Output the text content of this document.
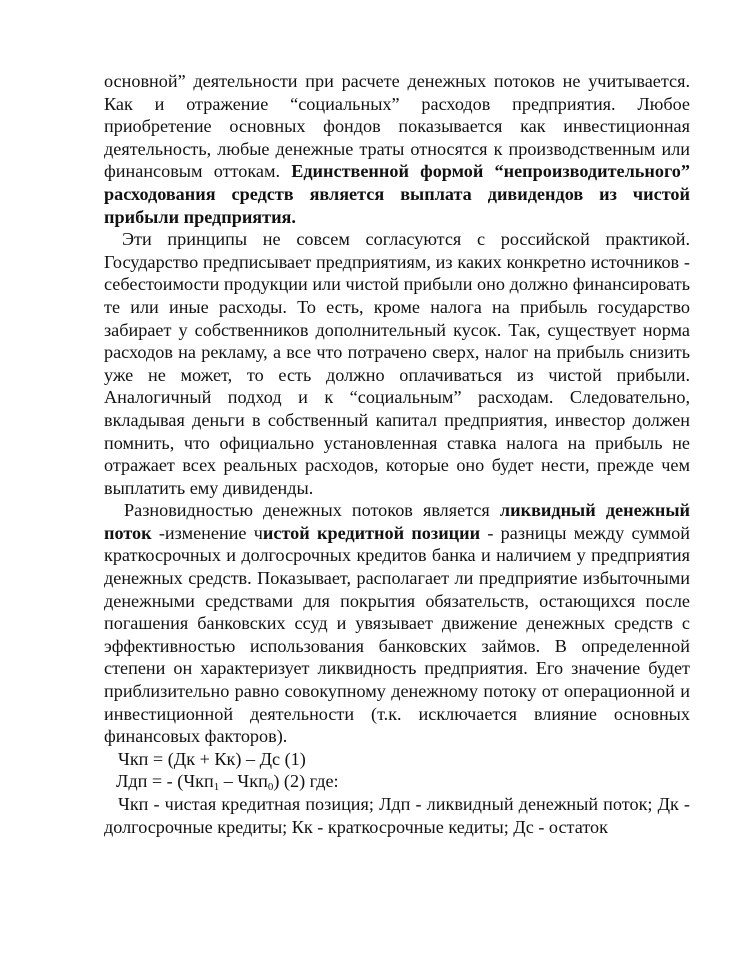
основной” деятельности при расчете денежных потоков не учитывается. Как и отражение “социальных” расходов предприятия. Любое приобретение основных фондов показывается как инвестиционная деятельность, любые денежные траты относятся к производственным или финансовым оттокам. Единственной формой “непроизводительного” расходования средств является выплата дивидендов из чистой прибыли предприятия.

Эти принципы не совсем согласуются с российской практикой. Государство предписывает предприятиям, из каких конкретно источников - себестоимости продукции или чистой прибыли оно должно финансировать те или иные расходы. То есть, кроме налога на прибыль государство забирает у собственников дополнительный кусок. Так, существует норма расходов на рекламу, а все что потрачено сверх, налог на прибыль снизить уже не может, то есть должно оплачиваться из чистой прибыли. Аналогичный подход и к “социальным” расходам. Следовательно, вкладывая деньги в собственный капитал предприятия, инвестор должен помнить, что официально установленная ставка налога на прибыль не отражает всех реальных расходов, которые оно будет нести, прежде чем выплатить ему дивиденды.

Разновидностью денежных потоков является ликвидный денежный поток -изменение чистой кредитной позиции - разницы между суммой краткосрочных и долгосрочных кредитов банка и наличием у предприятия денежных средств. Показывает, располагает ли предприятие избыточными денежными средствами для покрытия обязательств, остающихся после погашения банковских ссуд и увязывает движение денежных средств с эффективностью использования банковских займов. В определенной степени он характеризует ликвидность предприятия. Его значение будет приблизительно равно совокупному денежному потоку от операционной и инвестиционной деятельности (т.к. исключается влияние основных финансовых факторов).

Чкп = (Дк + Кк) – Дс (1)

Лдп = - (Чкп$_1$ – Чкп$_0$) (2) где:

Чкп - чистая кредитная позиция; Лдп - ликвидный денежный поток; Дк - долгосрочные кредиты; Кк - краткосрочные кедиты; Дс - остаток
